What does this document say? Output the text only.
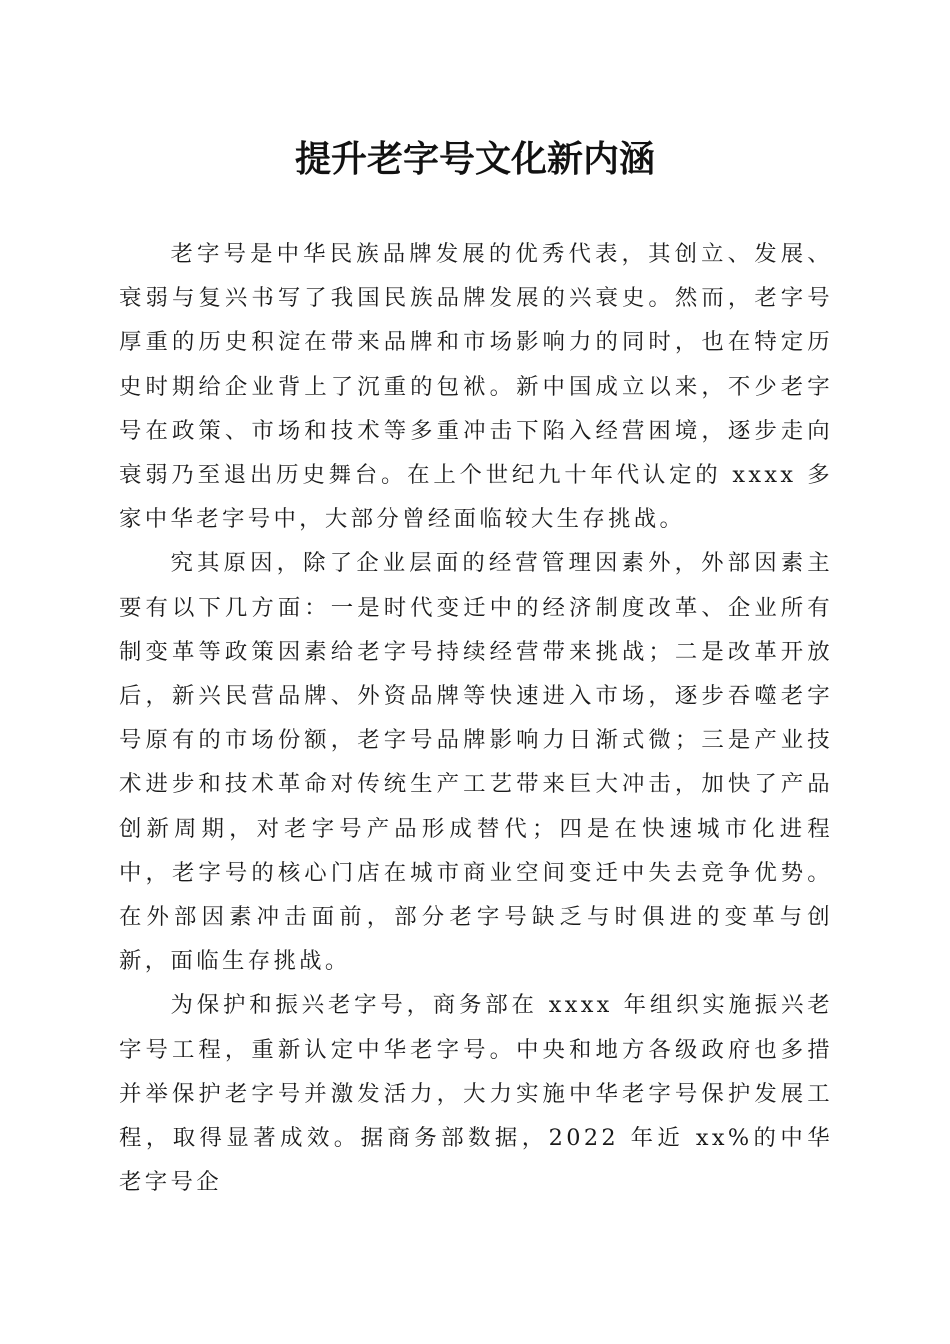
提升老字号文化新内涵

老字号是中华民族品牌发展的优秀代表，其创立、发展、衰弱与复兴书写了我国民族品牌发展的兴衰史。然而，老字号厚重的历史积淀在带来品牌和市场影响力的同时，也在特定历史时期给企业背上了沉重的包袱。新中国成立以来，不少老字号在政策、市场和技术等多重冲击下陷入经营困境，逐步走向衰弱乃至退出历史舞台。在上个世纪九十年代认定的 xxxx 多家中华老字号中，大部分曾经面临较大生存挑战。

究其原因，除了企业层面的经营管理因素外，外部因素主要有以下几方面：一是时代变迁中的经济制度改革、企业所有制变革等政策因素给老字号持续经营带来挑战；二是改革开放后，新兴民营品牌、外资品牌等快速进入市场，逐步吞噬老字号原有的市场份额，老字号品牌影响力日渐式微；三是产业技术进步和技术革命对传统生产工艺带来巨大冲击，加快了产品创新周期，对老字号产品形成替代；四是在快速城市化进程中，老字号的核心门店在城市商业空间变迁中失去竞争优势。在外部因素冲击面前，部分老字号缺乏与时俱进的变革与创新，面临生存挑战。

为保护和振兴老字号，商务部在 xxxx 年组织实施振兴老字号工程，重新认定中华老字号。中央和地方各级政府也多措并举保护老字号并激发活力，大力实施中华老字号保护发展工程，取得显著成效。据商务部数据，2022 年近 xx%的中华老字号企
